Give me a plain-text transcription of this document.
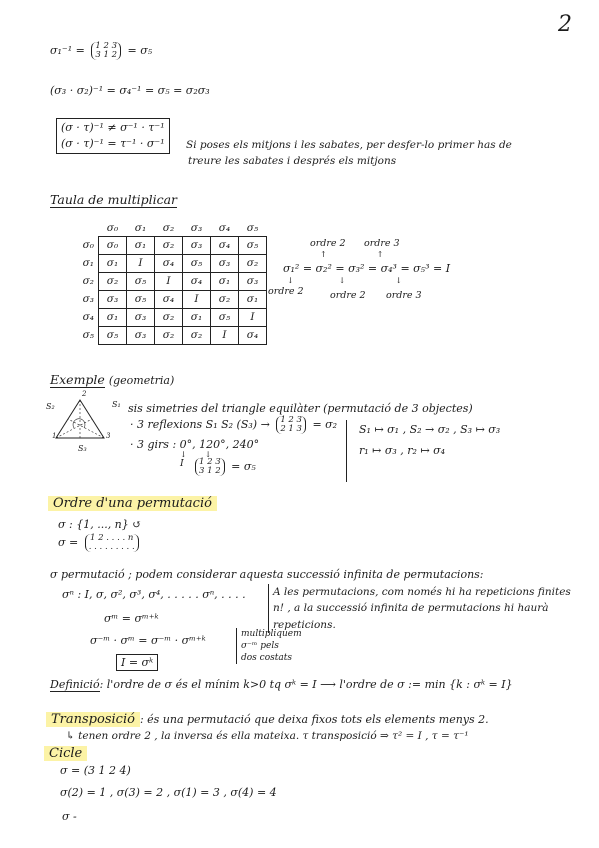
2
σ₁⁻¹ = 1 2 3
3 1 2 = σ₅
(σ₃ · σ₂)⁻¹ = σ₄⁻¹ = σ₅ = σ₂σ₃
(σ · τ)⁻¹ ≠ σ⁻¹ · τ⁻¹
(σ · τ)⁻¹ = τ⁻¹ · σ⁻¹	Si poses els mitjons i les sabates, per desfer-lo primer has de
treure les sabates i després els mitjons
Taula de multiplicar
	σ₀	σ₁	σ₂	σ₃	σ₄	σ₅
σ₀	σ₀	σ₁	σ₂	σ₃	σ₄	σ₅
σ₁	σ₁	I	σ₄	σ₅	σ₃	σ₂
σ₂	σ₂	σ₅	I	σ₄	σ₁	σ₃
σ₃	σ₃	σ₅	σ₄	I	σ₂	σ₁
σ₄	σ₁	σ₃	σ₂	σ₁	σ₅	I
σ₅	σ₅	σ₃	σ₂	σ₂	I	σ₄
ordre 2 ordre 3
↑	↑
σ₁² = σ₂² = σ₃² = σ₄³ = σ₅³ = I
↓	↓	↓
ordre 2	ordre 2 ordre 3
Exemple (geometria)
2
S₂	S₁
1	3
S₃
sis simetries del triangle equilàter (permutació de 3 objectes)
· 3 reflexions S₁ S₂ (S₃) → 1 2 3
2 1 3 = σ₂
· 3 girs : 0°, 120°, 240°
↓ ↓
I	1 2 3
3 1 2 = σ₅
S₁ ↦ σ₁ , S₂ → σ₂ , S₃ ↦ σ₃
r₁ ↦ σ₃ , r₂ ↦ σ₄
Ordre d'una permutació
σ : {1, ..., n} ↺
σ = 1 2 . . . . n
. . . . . . . . .
σ permutació ; podem considerar aquesta successió infinita de permutacions:
σⁿ : I, σ, σ², σ³, σ⁴, . . . . . σⁿ, . . . .
σᵐ = σᵐ⁺ᵏ
σ⁻ᵐ · σᵐ = σ⁻ᵐ · σᵐ⁺ᵏ
I = σᵏ
multipliquem
σ⁻ᵐ pels
dos costats
A les permutacions, com només hi ha repeticions finites
n! , a la successió infinita de permutacions hi haurà
repeticions.
Definició: l'ordre de σ és el mínim k>0 tq σᵏ = I ⟶ l'ordre de σ := min {k : σᵏ = I}
Transposició : és una permutació que deixa fixos tots els elements menys 2.
↳ tenen ordre 2 , la inversa és ella mateixa. τ transposició ⇒ τ² = I , τ = τ⁻¹
Cicle
σ = (3 1 2 4)
σ(2) = 1 , σ(3) = 2 , σ(1) = 3 , σ(4) = 4
σ -
